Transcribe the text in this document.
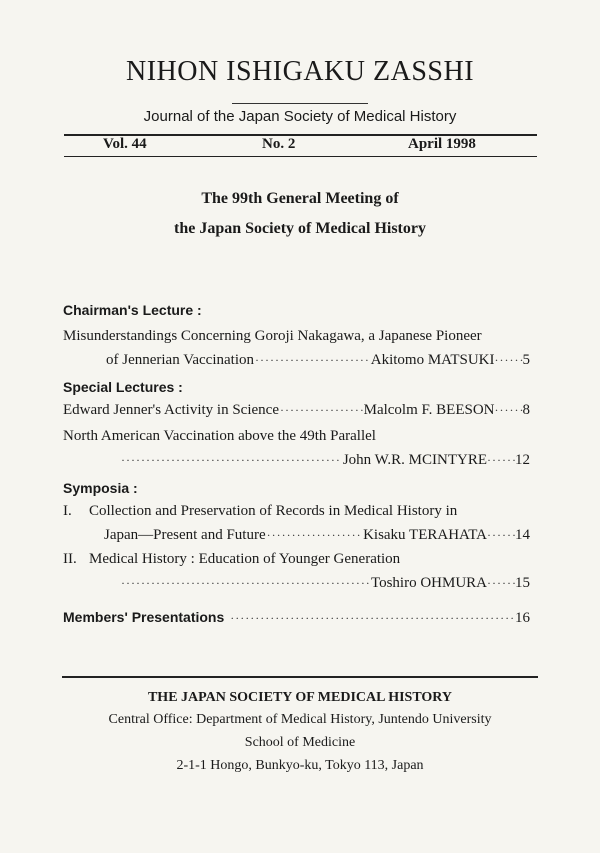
NIHON ISHIGAKU ZASSHI
Journal of the Japan Society of Medical History
Vol. 44	No. 2	April 1998
The 99th General Meeting of
the Japan Society of Medical History
Chairman's Lecture :
Misunderstandings Concerning Goroji Nakagawa, a Japanese Pioneer
of Jennerian Vaccination ·····	Akitomo MATSUKI ····· 5
Special Lectures :
Edward Jenner's Activity in Science ·····	Malcolm F. BEESON ····· 8
North American Vaccination above the 49th Parallel
·····
John W.R. MCINTYRE ····· 12
Symposia :
I. Collection and Preservation of Records in Medical History in
Japan—Present and Future ·····	Kisaku TERAHATA ····· 14
II. Medical History : Education of Younger Generation
·····
Toshiro OHMURA ····· 15
Members' Presentations ·····	16
THE JAPAN SOCIETY OF MEDICAL HISTORY
Central Office: Department of Medical History, Juntendo University
School of Medicine
2-1-1 Hongo, Bunkyo-ku, Tokyo 113, Japan
